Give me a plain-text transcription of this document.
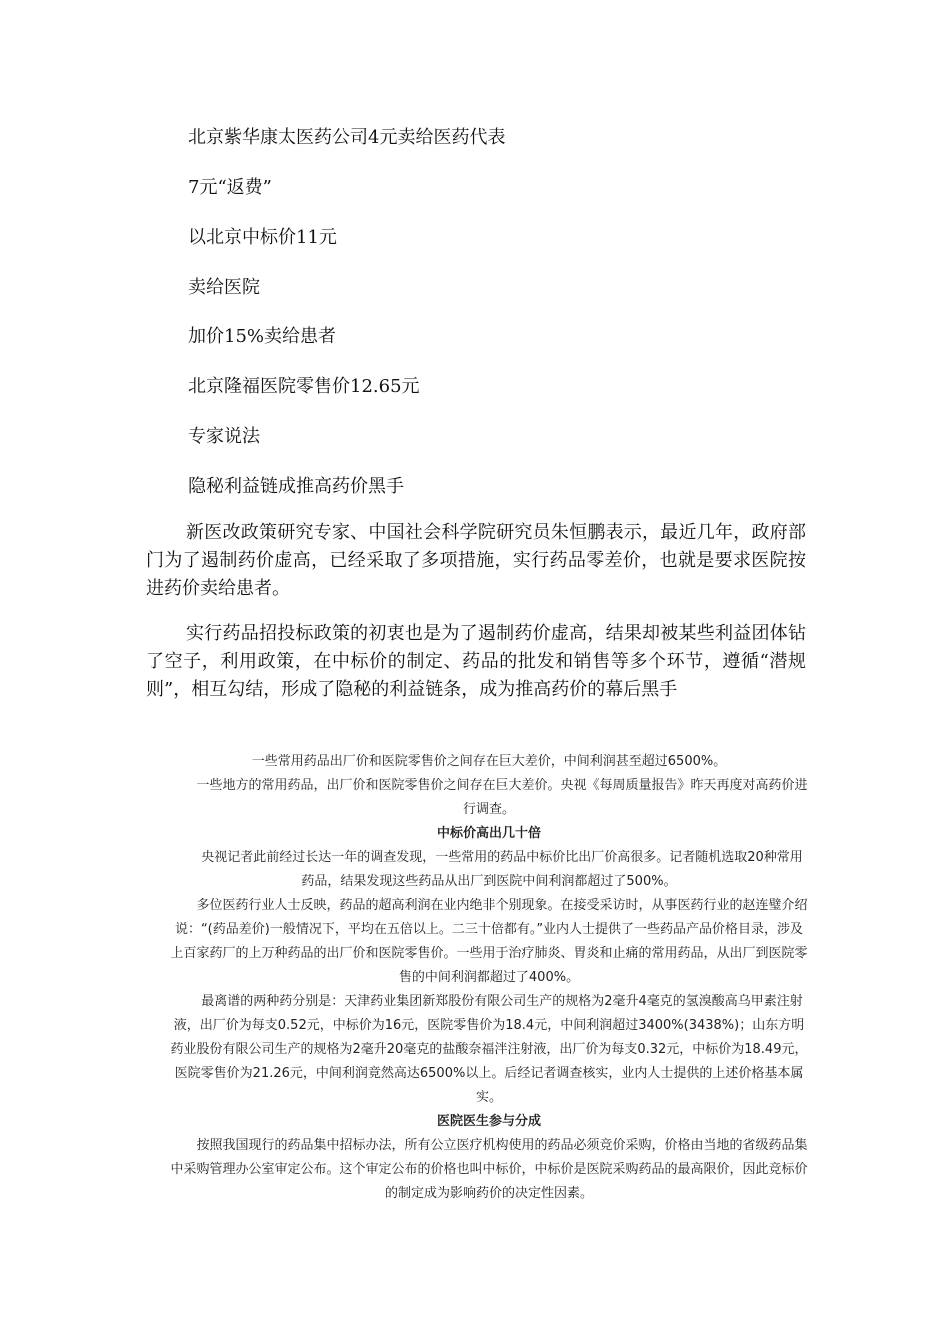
北京紫华康太医药公司4元卖给医药代表
7元“返费”
以北京中标价11元
卖给医院
加价15%卖给患者
北京隆福医院零售价12.65元
专家说法
隐秘利益链成推高药价黑手

新医改政策研究专家、中国社会科学院研究员朱恒鹏表示，最近几年，政府部门为了遏制药价虚高，已经采取了多项措施，实行药品零差价，也就是要求医院按进药价卖给患者。

实行药品招投标政策的初衷也是为了遏制药价虚高，结果却被某些利益团体钻了空子，利用政策，在中标价的制定、药品的批发和销售等多个环节，遵循“潜规则”，相互勾结，形成了隐秘的利益链条，成为推高药价的幕后黑手

一些常用药品出厂价和医院零售价之间存在巨大差价，中间利润甚至超过6500%。

一些地方的常用药品，出厂价和医院零售价之间存在巨大差价。央视《每周质量报告》昨天再度对高药价进行调查。

中标价高出几十倍

央视记者此前经过长达一年的调查发现，一些常用的药品中标价比出厂价高很多。记者随机选取20种常用药品，结果发现这些药品从出厂到医院中间利润都超过了500%。

多位医药行业人士反映，药品的超高利润在业内绝非个别现象。在接受采访时，从事医药行业的赵连璧介绍说：“(药品差价)一般情况下，平均在五倍以上。二三十倍都有。”业内人士提供了一些药品产品价格目录，涉及上百家药厂的上万种药品的出厂价和医院零售价。一些用于治疗肺炎、胃炎和止痛的常用药品，从出厂到医院零售的中间利润都超过了400%。

最离谱的两种药分别是：天津药业集团新郑股份有限公司生产的规格为2毫升4毫克的氢溴酸高乌甲素注射液，出厂价为每支0.52元，中标价为16元，医院零售价为18.4元，中间利润超过3400%(3438%)；山东方明药业股份有限公司生产的规格为2毫升20毫克的盐酸奈福泮注射液，出厂价为每支0.32元，中标价为18.49元，医院零售价为21.26元，中间利润竟然高达6500%以上。后经记者调查核实，业内人士提供的上述价格基本属实。

医院医生参与分成

按照我国现行的药品集中招标办法，所有公立医疗机构使用的药品必须竞价采购，价格由当地的省级药品集中采购管理办公室审定公布。这个审定公布的价格也叫中标价，中标价是医院采购药品的最高限价，因此竞标价的制定成为影响药价的决定性因素。
